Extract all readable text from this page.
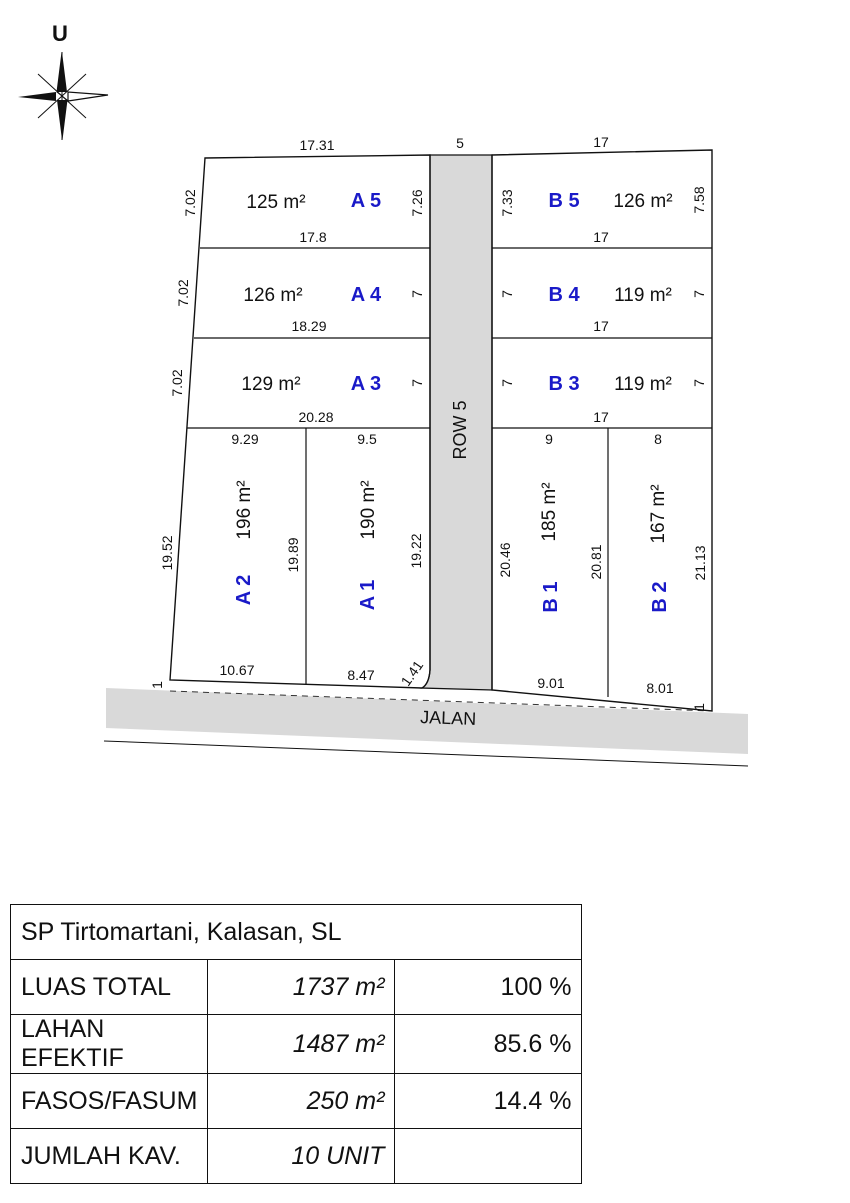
U
JALAN
ROW 5
125 m² A 5
126 m² A 4
129 m²	A 3
B 5 126 m²
B 4 119 m²
B 3 119 m²
196 m²
A 2
190 m²
A 1
185 m²
B 1
167 m²
B 2
17.31	5	17
7.02	7.26	7.33	7.58
17.8	17
7.02	7	7	7
18.29	17
7.02	7	7	7
20.28	17
9.29	9.5	9	8
19.52	19.89	19.22	20.46	20.81	21.13
10.67	8.47 1.41	9.01	8.01
1
1
SP Tirtomartani, Kalasan, SL		
LUAS TOTAL	1737 m²	100 %
LAHAN EFEKTIF	1487 m²	85.6 %
FASOS/FASUM	250 m²	14.4 %
JUMLAH KAV.	10 UNIT	
